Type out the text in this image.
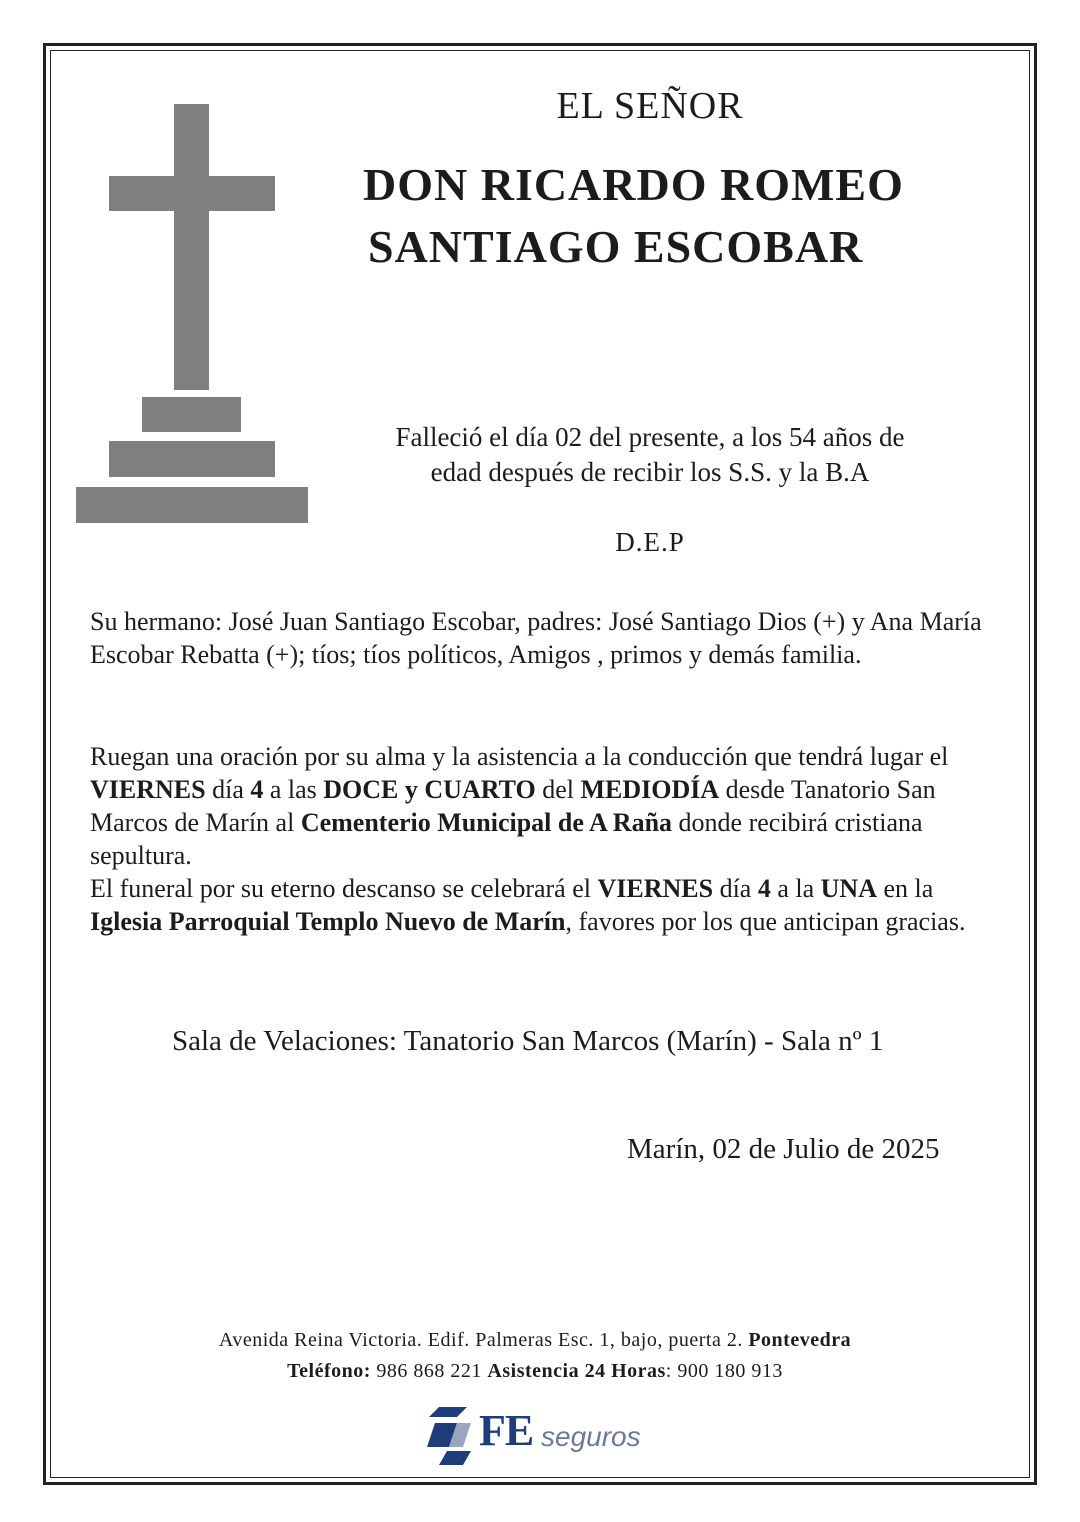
EL SEÑOR
DON RICARDO ROMEO
SANTIAGO ESCOBAR
Falleció el día 02 del presente, a los 54 años de
edad después de recibir los S.S. y la B.A
D.E.P

Su hermano: José Juan Santiago Escobar, padres: José Santiago Dios (+) y Ana María Escobar Rebatta (+); tíos; tíos políticos, Amigos , primos y demás familia.

Ruegan una oración por su alma y la asistencia a la conducción que tendrá lugar el VIERNES día 4 a las DOCE y CUARTO del MEDIODÍA desde Tanatorio San Marcos de Marín al Cementerio Municipal de A Raña donde recibirá cristiana sepultura.

El funeral por su eterno descanso se celebrará el VIERNES día 4 a la UNA en la Iglesia Parroquial Templo Nuevo de Marín, favores por los que anticipan gracias.

Sala de Velaciones: Tanatorio San Marcos (Marín) - Sala nº 1
Marín, 02 de Julio de 2025

Avenida Reina Victoria. Edif. Palmeras Esc. 1, bajo, puerta 2. Pontevedra

Teléfono: 986 868 221 Asistencia 24 Horas: 900 180 913

FE seguros
